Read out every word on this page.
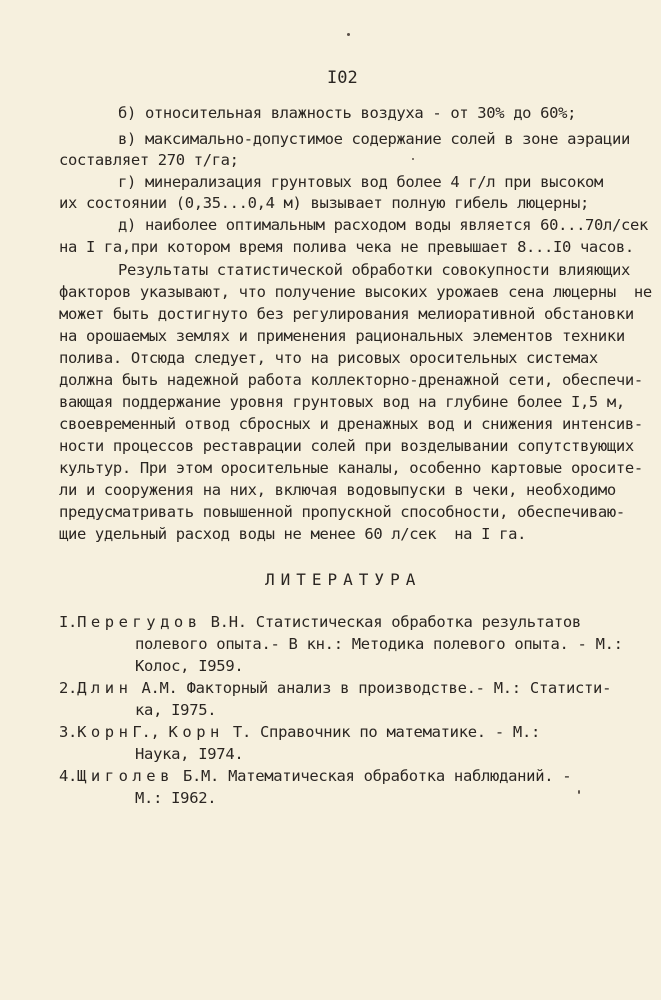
I02
б) относительная влажность воздуха - от 30% до 60%;
в) максимально-допустимое содержание солей в зоне аэрации
составляет 270 т/га;
г) минерализация грунтовых вод более 4 г/л при высоком
их состоянии (0,35...0,4 м) вызывает полную гибель люцерны;
д) наиболее оптимальным расходом воды является 60...70л/сек
на I га,при котором время полива чека не превышает 8...I0 часов.
Результаты статистической обработки совокупности влияющих
факторов указывают, что получение высоких урожаев сена люцерны  не
может быть достигнуто без регулирования мелиоративной обстановки
на орошаемых землях и применения рациональных элементов техники
полива. Отсюда следует, что на рисовых оросительных системах
должна быть надежной работа коллекторно-дренажной сети, обеспечи-
вающая поддержание уровня грунтовых вод на глубине более I,5 м,
своевременный отвод сбросных и дренажных вод и снижения интенсив-
ности процессов реставрации солей при возделывании сопутствующих
культур. При этом оросительные каналы, особенно картовые оросите-
ли и сооружения на них, включая водовыпуски в чеки, необходимо
предусматривать повышенной пропускной способности, обеспечиваю-
щие удельный расход воды не менее 60 л/сек  на I га.
ЛИТЕРАТУРА
I.Перегудов В.Н. Статистическая обработка результатов
полевого опыта.- В кн.: Методика полевого опыта. - М.:
Колос, I959.
2.Длин А.М. Факторный анализ в производстве.- М.: Статисти-
ка, I975.
3.КорнГ., Корн Т. Справочник по математике. - М.:
Наука, I974.
4.Щиголев Б.М. Математическая обработка наблюданий. -
М.: I962.
